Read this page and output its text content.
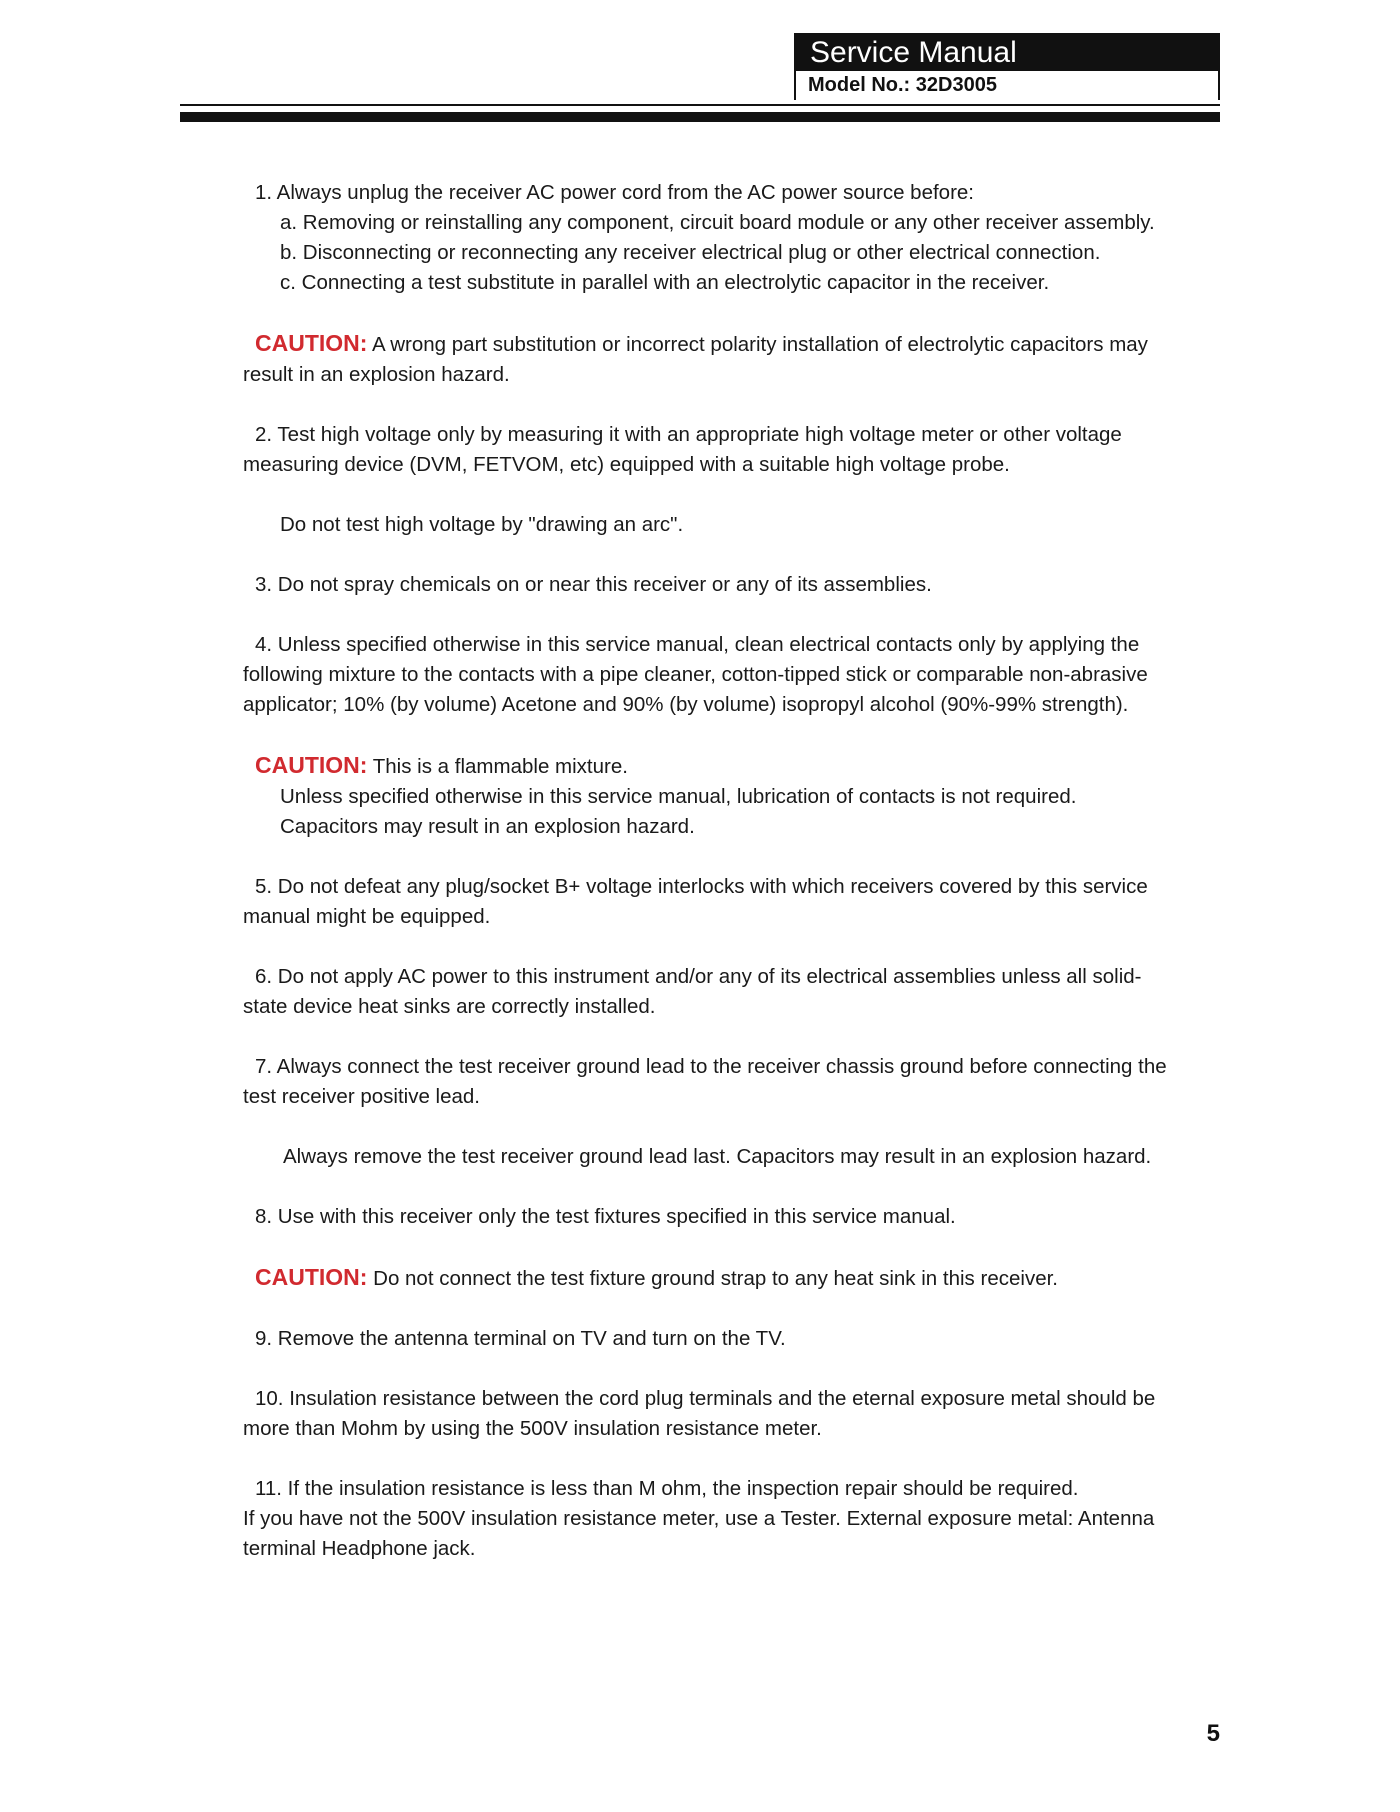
Service Manual
Model No.: 32D3005

1. Always unplug the receiver AC power cord from the AC power source before:

a. Removing or reinstalling any component, circuit board module or any other receiver assembly.

b. Disconnecting or reconnecting any receiver electrical plug or other electrical connection.

c. Connecting a test substitute in parallel with an electrolytic capacitor in the receiver.

CAUTION: A wrong part substitution or incorrect polarity installation of electrolytic capacitors may result in an explosion hazard.

2. Test high voltage only by measuring it with an appropriate high voltage meter or other voltage measuring device (DVM, FETVOM, etc) equipped with a suitable high voltage probe.

Do not test high voltage by "drawing an arc".

3. Do not spray chemicals on or near this receiver or any of its assemblies.

4. Unless specified otherwise in this service manual, clean electrical contacts only by applying the following mixture to the contacts with a pipe cleaner, cotton-tipped stick or comparable non-abrasive applicator; 10% (by volume) Acetone and 90% (by volume) isopropyl alcohol (90%-99% strength).

CAUTION: This is a flammable mixture.

Unless specified otherwise in this service manual, lubrication of contacts is not required.

Capacitors may result in an explosion hazard.

5. Do not defeat any plug/socket B+ voltage interlocks with which receivers covered by this service manual might be equipped.

6. Do not apply AC power to this instrument and/or any of its electrical assemblies unless all solid-state device heat sinks are correctly installed.

7. Always connect the test receiver ground lead to the receiver chassis ground before connecting the test receiver positive lead.

Always remove the test receiver ground lead last. Capacitors may result in an explosion hazard.

8. Use with this receiver only the test fixtures specified in this service manual.

CAUTION: Do not connect the test fixture ground strap to any heat sink in this receiver.

9. Remove the antenna terminal on TV and turn on the TV.

10. Insulation resistance between the cord plug terminals and the eternal exposure metal should be more than Mohm by using the 500V insulation resistance meter.

11. If the insulation resistance is less than M ohm, the inspection repair should be required.

If you have not the 500V insulation resistance meter, use a Tester. External exposure metal: Antenna terminal Headphone jack.

5
